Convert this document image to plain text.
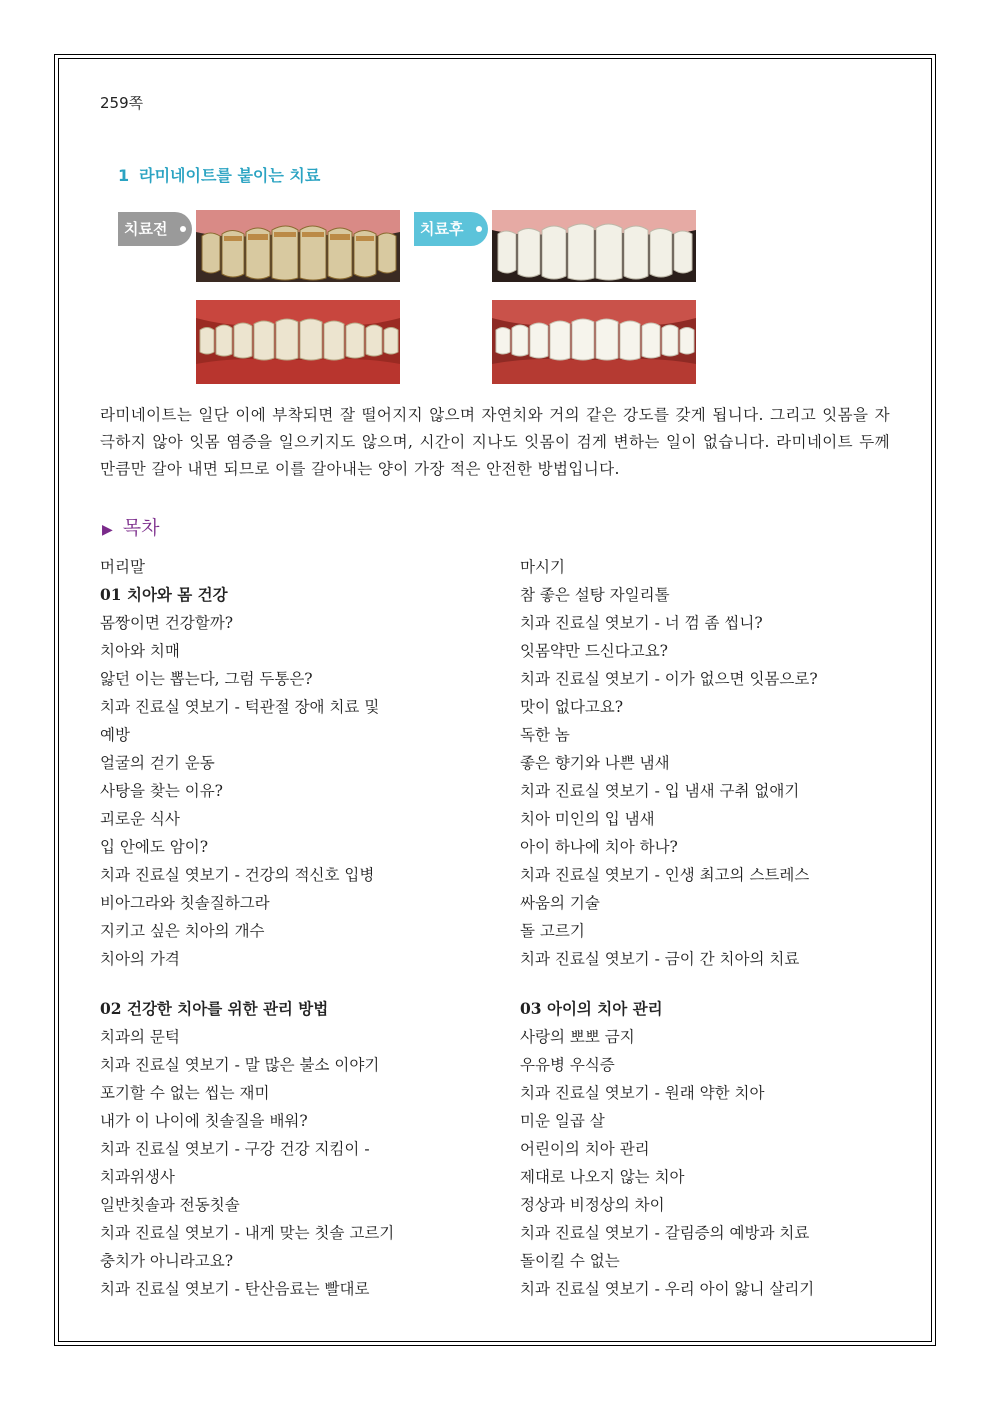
259쪽
1 라미네이트를 붙이는 치료
치료전	치료후
라미네이트는 일단 이에 부착되면 잘 떨어지지 않으며 자연치와 거의 같은 강도를 갖게 됩니다. 그리고 잇몸을 자극하지 않아 잇몸 염증을 일으키지도 않으며, 시간이 지나도 잇몸이 검게 변하는 일이 없습니다. 라미네이트 두께만큼만 갈아 내면 되므로 이를 갈아내는 양이 가장 적은 안전한 방법입니다.
▶ 목차
머리말
01 치아와 몸 건강
몸짱이면 건강할까?
치아와 치매
앓던 이는 뽑는다, 그럼 두통은?
치과 진료실 엿보기 - 턱관절 장애 치료 및
예방
얼굴의 걷기 운동
사탕을 찾는 이유?
괴로운 식사
입 안에도 암이?
치과 진료실 엿보기 - 건강의 적신호 입병
비아그라와 칫솔질하그라
지키고 싶은 치아의 개수
치아의 가격
02 건강한 치아를 위한 관리 방법
치과의 문턱
치과 진료실 엿보기 - 말 많은 불소 이야기
포기할 수 없는 씹는 재미
내가 이 나이에 칫솔질을 배워?
치과 진료실 엿보기 - 구강 건강 지킴이 -
치과위생사
일반칫솔과 전동칫솔
치과 진료실 엿보기 - 내게 맞는 칫솔 고르기
충치가 아니라고요?
치과 진료실 엿보기 - 탄산음료는 빨대로
마시기
참 좋은 설탕 자일리톨
치과 진료실 엿보기 - 너 껌 좀 씹니?
잇몸약만 드신다고요?
치과 진료실 엿보기 - 이가 없으면 잇몸으로?
맛이 없다고요?
독한 놈
좋은 향기와 나쁜 냄새
치과 진료실 엿보기 - 입 냄새 구취 없애기
치아 미인의 입 냄새
아이 하나에 치아 하나?
치과 진료실 엿보기 - 인생 최고의 스트레스
싸움의 기술
돌 고르기
치과 진료실 엿보기 - 금이 간 치아의 치료
03 아이의 치아 관리
사랑의 뽀뽀 금지
우유병 우식증
치과 진료실 엿보기 - 원래 약한 치아
미운 일곱 살
어린이의 치아 관리
제대로 나오지 않는 치아
정상과 비정상의 차이
치과 진료실 엿보기 - 갈림증의 예방과 치료
돌이킬 수 없는
치과 진료실 엿보기 - 우리 아이 앓니 살리기
